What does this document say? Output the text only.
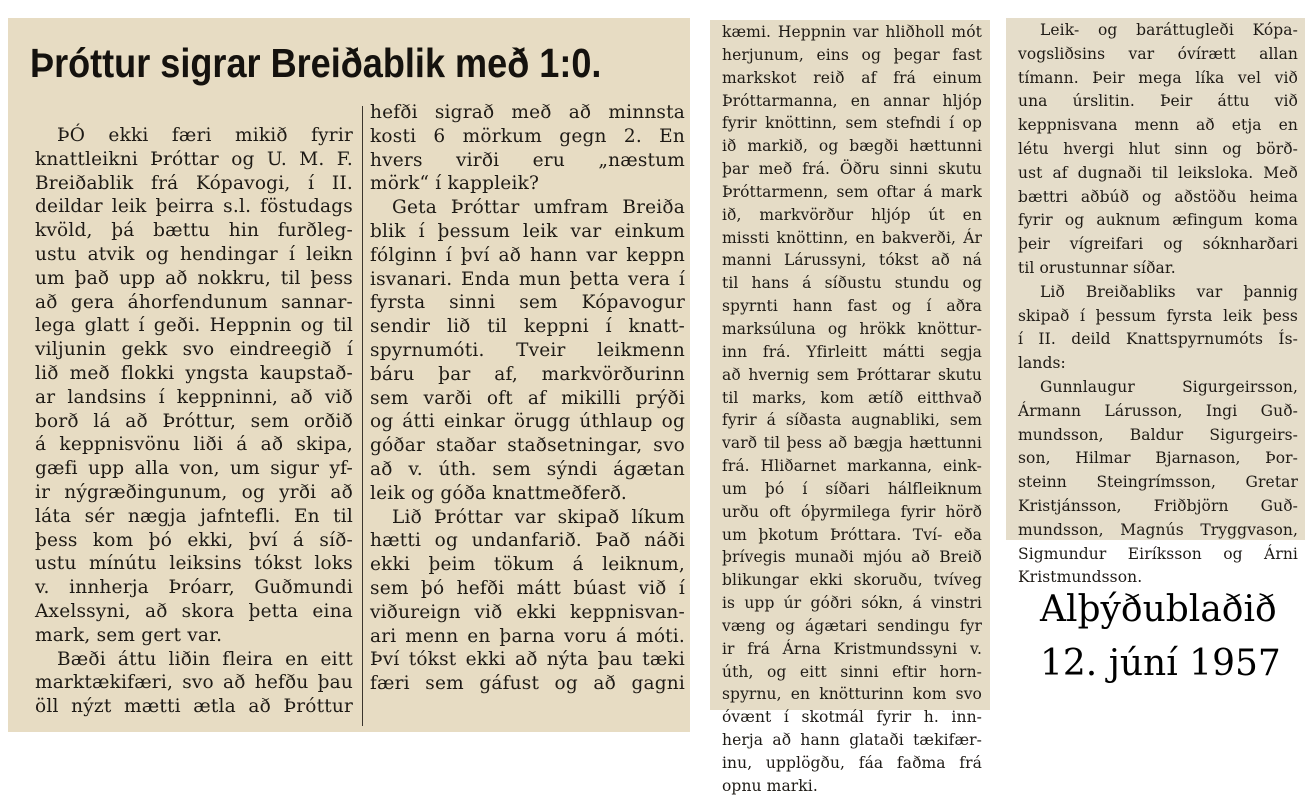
Þróttur sigrar Breiðablik með 1:0.
ÞÓ ekki færi mikið fyrir
knattleikni Þróttar og U. M. F.
Breiðablik frá Kópavogi, í II.
deildar leik þeirra s.l. föstudags
kvöld, þá bættu hin furðleg-
ustu atvik og hendingar í leikn
um það upp að nokkru, til þess
að gera áhorfendunum sannar-
lega glatt í geði. Heppnin og til
viljunin gekk svo eindreegið í
lið með flokki yngsta kaupstað-
ar landsins í keppninni, að við
borð lá að Þróttur, sem orðið
á keppnisvönu liði á að skipa,
gæfi upp alla von, um sigur yf-
ir nýgræðingunum, og yrði að
láta sér nægja jafntefli. En til
þess kom þó ekki, því á síð-
ustu mínútu leiksins tókst loks
v. innherja Þróarr, Guðmundi
Axelssyni, að skora þetta eina
mark, sem gert var.
Bæði áttu liðin fleira en eitt
marktækifæri, svo að hefðu þau
öll nýzt mætti ætla að Þróttur
hefði sigrað með að minnsta
kosti 6 mörkum gegn 2. En
hvers virði eru „næstum
mörk“ í kappleik?
Geta Þróttar umfram Breiða
blik í þessum leik var einkum
fólginn í því að hann var keppn
isvanari. Enda mun þetta vera í
fyrsta sinni sem Kópavogur
sendir lið til keppni í knatt-
spyrnumóti. Tveir leikmenn
báru þar af, markvörðurinn
sem varði oft af mikilli prýði
og átti einkar örugg úthlaup og
góðar staðar staðsetningar, svo
að v. úth. sem sýndi ágætan
leik og góða knattmeðferð.
Lið Þróttar var skipað líkum
hætti og undanfarið. Það náði
ekki þeim tökum á leiknum,
sem þó hefði mátt búast við í
viðureign við ekki keppnisvan-
ari menn en þarna voru á móti.
Því tókst ekki að nýta þau tæki
færi sem gáfust og að gagni
kæmi. Heppnin var hliðholl mót
herjunum, eins og þegar fast
markskot reið af frá einum
Þróttarmanna, en annar hljóp
fyrir knöttinn, sem stefndi í op
ið markið, og bægði hættunni
þar með frá. Öðru sinni skutu
Þróttarmenn, sem oftar á mark
ið, markvörður hljóp út en
missti knöttinn, en bakverði, Ár
manni Lárussyni, tókst að ná
til hans á síðustu stundu og
spyrnti hann fast og í aðra
marksúluna og hrökk knöttur-
inn frá. Yfirleitt mátti segja
að hvernig sem Þróttarar skutu
til marks, kom ætíð eitthvað
fyrir á síðasta augnabliki, sem
varð til þess að bægja hættunni
frá. Hliðarnet markanna, eink-
um þó í síðari hálfleiknum
urðu oft óþyrmilega fyrir hörð
um þkotum Þróttara. Tví- eða
þrívegis munaði mjóu að Breið
blikungar ekki skoruðu, tvíveg
is upp úr góðri sókn, á vinstri
væng og ágætari sendingu fyr
ir frá Árna Kristmundssyni v.
úth, og eitt sinni eftir horn-
spyrnu, en knötturinn kom svo
óvænt í skotmál fyrir h. inn-
herja að hann glataði tækifær-
inu, upplögðu, fáa faðma frá
opnu marki.
Leik- og baráttugleði Kópa-
vogsliðsins var óvírætt allan
tímann. Þeir mega líka vel við
una úrslitin. Þeir áttu við
keppnisvana menn að etja en
létu hvergi hlut sinn og börð-
ust af dugnaði til leiksloka. Með
bættri aðbúð og aðstöðu heima
fyrir og auknum æfingum koma
þeir vígreifari og sóknharðari
til orustunnar síðar.
Lið Breiðabliks var þannig
skipað í þessum fyrsta leik þess
í II. deild Knattspyrnumóts Ís-
lands:
Gunnlaugur Sigurgeirsson,
Ármann Lárusson, Ingi Guð-
mundsson, Baldur Sigurgeirs-
son, Hilmar Bjarnason, Þor-
steinn Steingrímsson, Gretar
Kristjánsson, Friðbjörn Guð-
mundsson, Magnús Tryggvason,
Sigmundur Eiríksson og Árni
Kristmundsson.
Alþýðublaðið
12. júní 1957
